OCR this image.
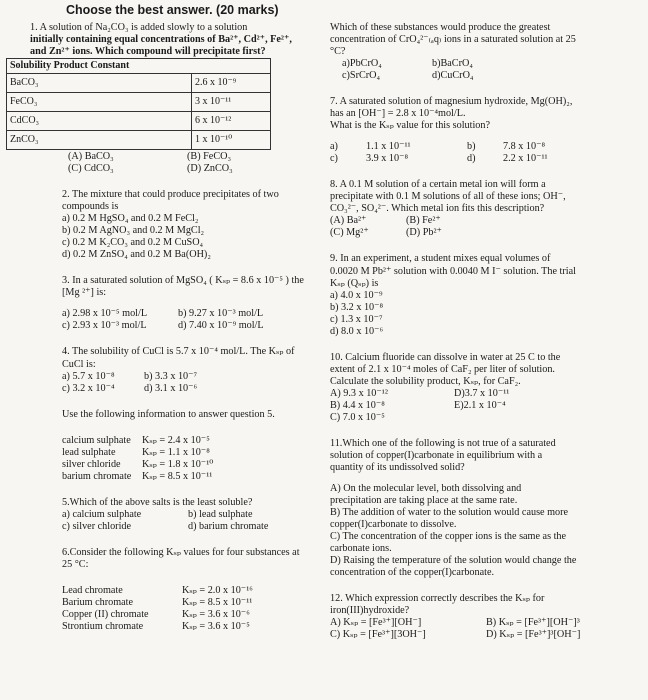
Choose the best answer. (20 marks)

1. A solution of Na₂CO₃ is added slowly to a solution

initially containing equal concentrations of Ba²⁺, Cd²⁺, Fe²⁺,

and Zn²⁺ ions. Which compound will precipitate first?

Solubility Product Constant	
BaCO₃	2.6 x 10⁻⁹
FeCO₃	3 x 10⁻¹¹
CdCO₃	6 x 10⁻¹²
ZnCO₃	1 x 10⁻¹⁰
(A) BaCO₃	(B) FeCO₃
(C) CdCO₃	(D) ZnCO₃

2. The mixture that could produce precipitates of two

compounds is

a) 0.2 M HgSO₄ and 0.2 M FeCl₂

b) 0.2 M AgNO₃ and 0.2 M MgCl₂

c) 0.2 M K₂CO₃ and 0.2 M CuSO₄

d) 0.2 M ZnSO₄ and 0.2 M Ba(OH)₂

3. In a saturated solution of MgSO₄ ( Kₛₚ = 8.6 x 10⁻⁵ ) the

[Mg ²⁺] is:

a) 2.98 x 10⁻⁵ mol/L	b) 9.27 x 10⁻³ mol/L
c) 2.93 x 10⁻³ mol/L	d) 7.40 x 10⁻⁹ mol/L

4. The solubility of CuCl is 5.7 x 10⁻⁴ mol/L. The Kₛₚ of

CuCl is:

a) 5.7 x 10⁻⁸	b) 3.3 x 10⁻⁷
c) 3.2 x 10⁻⁴	d) 3.1 x 10⁻⁶

Use the following information to answer question 5.

calcium sulphate	Kₛₚ = 2.4 x 10⁻⁵
lead sulphate	Kₛₚ = 1.1 x 10⁻⁸
silver chloride	Kₛₚ = 1.8 x 10⁻¹⁰
barium chromate	Kₛₚ = 8.5 x 10⁻¹¹

5.Which of the above salts is the least soluble?

a) calcium sulphate	b) lead sulphate
c) silver chloride	d) barium chromate

6.Consider the following Kₛₚ values for four substances at

25 °C:

Lead chromate	Kₛₚ = 2.0 x 10⁻¹⁶
Barium chromate	Kₛₚ = 8.5 x 10⁻¹¹
Copper (II) chromate	Kₛₚ = 3.6 x 10⁻⁶
Strontium chromate	Kₛₚ = 3.6 x 10⁻⁵

Which of these substances would produce the greatest

concentration of CrO₄²⁻₍ₐq₎ ions in a saturated solution at 25

°C?

a)PbCrO₄	b)BaCrO₄
c)SrCrO₄	d)CuCrO₄

7. A saturated solution of magnesium hydroxide, Mg(OH)₂,

has an [OH⁻] = 2.8 x 10⁻⁴mol/L.

What is the Kₛₚ value for this solution?

a)	1.1 x 10⁻¹¹	b)	7.8 x 10⁻⁸
c)	3.9 x 10⁻⁸	d)	2.2 x 10⁻¹¹

8. A 0.1 M solution of a certain metal ion will form a

precipitate with 0.1 M solutions of all of these ions; OH⁻,

CO₃²⁻, SO₄²⁻. Which metal ion fits this description?

(A) Ba²⁺	(B) Fe²⁺
(C) Mg²⁺	(D) Pb²⁺

9. In an experiment, a student mixes equal volumes of

0.0020 M Pb²⁺ solution with 0.0040 M I⁻ solution. The trial

Kₛₚ (Qₛₚ) is

a) 4.0 x 10⁻⁹

b) 3.2 x 10⁻⁸

c) 1.3 x 10⁻⁷

d) 8.0 x 10⁻⁶

10. Calcium fluoride can dissolve in water at 25 C to the

extent of 2.1 x 10⁻⁴ moles of CaF₂ per liter of solution.

Calculate the solubility product, Kₛₚ, for CaF₂.

A) 9.3 x 10⁻¹²	D)3.7 x 10⁻¹¹
B) 4.4 x 10⁻⁸	E)2.1 x 10⁻⁴
C) 7.0 x 10⁻⁵

11.Which one of the following is not true of a saturated

solution of copper(I)carbonate in equilibrium with a

quantity of its undissolved solid?

A) On the molecular level, both dissolving and

precipitation are taking place at the same rate.

B) The addition of water to the solution would cause more

copper(I)carbonate to dissolve.

C) The concentration of the copper ions is the same as the

carbonate ions.

D) Raising the temperature of the solution would change the

concentration of the copper(I)carbonate.

12. Which expression correctly describes the Kₛₚ for

iron(III)hydroxide?

A) Kₛₚ = [Fe³⁺][OH⁻]	B) Kₛₚ = [Fe³⁺][OH⁻]³
C) Kₛₚ = [Fe³⁺][3OH⁻]	D) Kₛₚ = [Fe³⁺]³[OH⁻]
